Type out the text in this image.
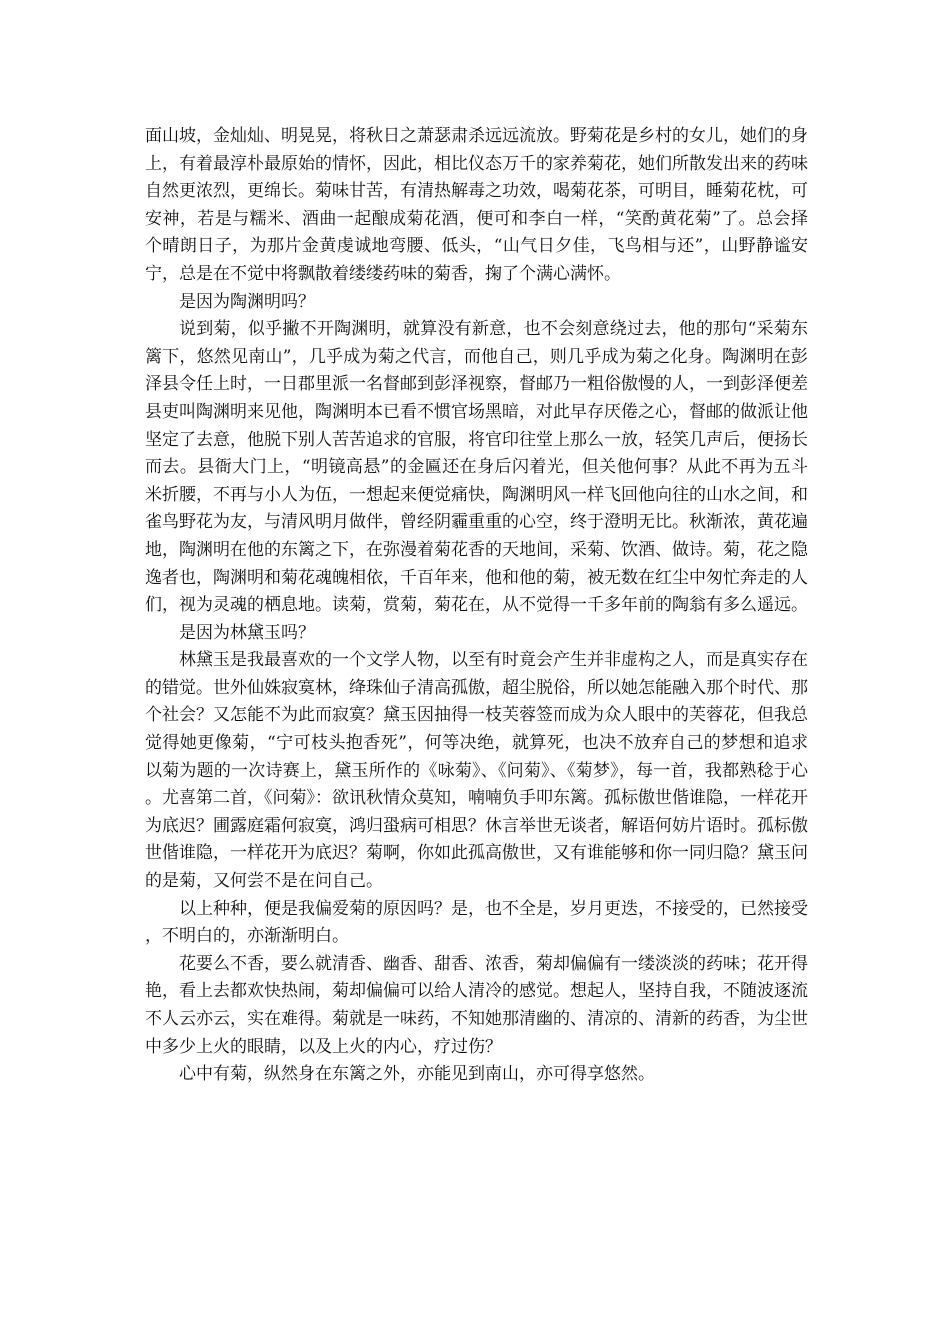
面山坡，金灿灿、明晃晃，将秋日之萧瑟肃杀远远流放。野菊花是乡村的女儿，她们的身上，有着最淳朴最原始的情怀，因此，相比仪态万千的家养菊花，她们所散发出来的药味自然更浓烈，更绵长。菊味甘苦，有清热解毒之功效，喝菊花茶，可明目，睡菊花枕，可安神，若是与糯米、酒曲一起酿成菊花酒，便可和李白一样，“笑酌黄花菊”了。总会择个晴朗日子，为那片金黄虔诚地弯腰、低头，“山气日夕佳，飞鸟相与还”，山野静谧安宁，总是在不觉中将飘散着缕缕药味的菊香，掬了个满心满怀。

是因为陶渊明吗？

说到菊，似乎撇不开陶渊明，就算没有新意，也不会刻意绕过去，他的那句“采菊东篱下，悠然见南山”，几乎成为菊之代言，而他自己，则几乎成为菊之化身。陶渊明在彭泽县令任上时，一日郡里派一名督邮到彭泽视察，督邮乃一粗俗傲慢的人，一到彭泽便差县吏叫陶渊明来见他，陶渊明本已看不惯官场黑暗，对此早存厌倦之心，督邮的做派让他坚定了去意，他脱下别人苦苦追求的官服，将官印往堂上那么一放，轻笑几声后，便扬长而去。县衙大门上，“明镜高悬”的金匾还在身后闪着光，但关他何事？从此不再为五斗米折腰，不再与小人为伍，一想起来便觉痛快，陶渊明风一样飞回他向往的山水之间，和雀鸟野花为友，与清风明月做伴，曾经阴霾重重的心空，终于澄明无比。秋渐浓，黄花遍地，陶渊明在他的东篱之下，在弥漫着菊花香的天地间，采菊、饮酒、做诗。菊，花之隐逸者也，陶渊明和菊花魂魄相依，千百年来，他和他的菊，被无数在红尘中匆忙奔走的人们，视为灵魂的栖息地。读菊，赏菊，菊花在，从不觉得一千多年前的陶翁有多么遥远。

是因为林黛玉吗？

林黛玉是我最喜欢的一个文学人物，以至有时竟会产生并非虚构之人，而是真实存在的错觉。世外仙姝寂寞林，绛珠仙子清高孤傲，超尘脱俗，所以她怎能融入那个时代、那个社会？又怎能不为此而寂寞？黛玉因抽得一枝芙蓉签而成为众人眼中的芙蓉花，但我总觉得她更像菊，“宁可枝头抱香死”，何等决绝，就算死，也决不放弃自己的梦想和追求以菊为题的一次诗赛上，黛玉所作的《咏菊》、《问菊》、《菊梦》，每一首，我都熟稔于心。尤喜第二首，《问菊》：欲讯秋情众莫知，喃喃负手叩东篱。孤标傲世偕谁隐，一样花开为底迟？圃露庭霜何寂寞，鸿归蛩病可相思？休言举世无谈者，解语何妨片语时。孤标傲世偕谁隐，一样花开为底迟？菊啊，你如此孤高傲世，又有谁能够和你一同归隐？黛玉问的是菊，又何尝不是在问自己。

以上种种，便是我偏爱菊的原因吗？是，也不全是，岁月更迭，不接受的，已然接受，不明白的，亦渐渐明白。

花要么不香，要么就清香、幽香、甜香、浓香，菊却偏偏有一缕淡淡的药味；花开得艳，看上去都欢快热闹，菊却偏偏可以给人清冷的感觉。想起人，坚持自我，不随波逐流不人云亦云，实在难得。菊就是一味药，不知她那清幽的、清凉的、清新的药香，为尘世中多少上火的眼睛，以及上火的内心，疗过伤？

心中有菊，纵然身在东篱之外，亦能见到南山，亦可得享悠然。
